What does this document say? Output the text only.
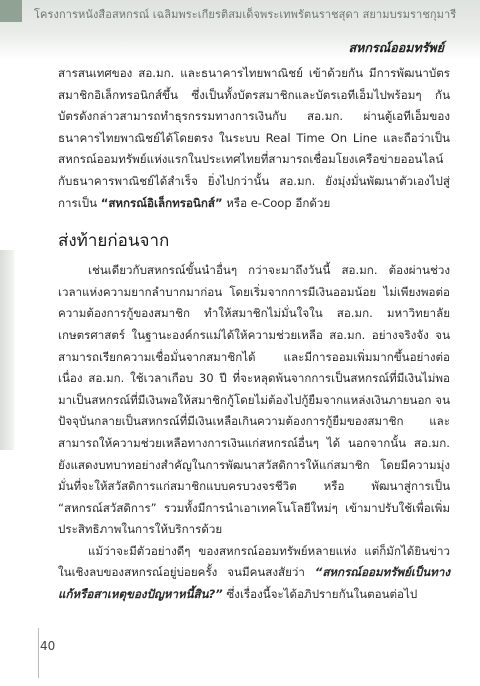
โครงการหนังสือสหกรณ์ เฉลิมพระเกียรติสมเด็จพระเทพรัตนราชสุดา สยามบรมราชกุมารี
สหกรณ์ออมทรัพย์

สารสนเทศของ สอ.มก. และธนาคารไทยพาณิชย์ เข้าด้วยกัน มีการพัฒนาบัตรสมาชิกอิเล็กทรอนิกส์ขึ้น ซึ่งเป็นทั้งบัตรสมาชิกและบัตรเอทีเอ็มไปพร้อมๆ กัน บัตรดังกล่าวสามารถทำธุรกรรมทางการเงินกับ สอ.มก. ผ่านตู้เอทีเอ็มของธนาคารไทยพาณิชย์ได้โดยตรง ในระบบ Real Time On Line และถือว่าเป็นสหกรณ์ออมทรัพย์แห่งแรกในประเทศไทยที่สามารถเชื่อมโยงเครือข่ายออนไลน์กับธนาคารพาณิชย์ได้สำเร็จ ยิ่งไปกว่านั้น สอ.มก. ยังมุ่งมั่นพัฒนาตัวเองไปสู่การเป็น “สหกรณ์อิเล็กทรอนิกส์” หรือ e-Coop อีกด้วย

ส่งท้ายก่อนจาก

เช่นเดียวกับสหกรณ์ขั้นนำอื่นๆ กว่าจะมาถึงวันนี้ สอ.มก. ต้องผ่านช่วงเวลาแห่งความยากลำบากมาก่อน โดยเริ่มจากการมีเงินออมน้อย ไม่เพียงพอต่อความต้องการกู้ของสมาชิก ทำให้สมาชิกไม่มั่นใจใน สอ.มก. มหาวิทยาลัยเกษตรศาสตร์ ในฐานะองค์กรแม่ได้ให้ความช่วยเหลือ สอ.มก. อย่างจริงจัง จนสามารถเรียกความเชื่อมั่นจากสมาชิกได้ และมีการออมเพิ่มมากขึ้นอย่างต่อเนื่อง สอ.มก. ใช้เวลาเกือบ 30 ปี ที่จะหลุดพ้นจากการเป็นสหกรณ์ที่มีเงินไม่พอ มาเป็นสหกรณ์ที่มีเงินพอให้สมาชิกกู้โดยไม่ต้องไปกู้ยืมจากแหล่งเงินภายนอก จนปัจจุบันกลายเป็นสหกรณ์ที่มีเงินเหลือเกินความต้องการกู้ยืมของสมาชิก และสามารถให้ความช่วยเหลือทางการเงินแก่สหกรณ์อื่นๆ ได้ นอกจากนั้น สอ.มก. ยังแสดงบทบาทอย่างสำคัญในการพัฒนาสวัสดิการให้แก่สมาชิก โดยมีความมุ่งมั่นที่จะให้สวัสดิการแก่สมาชิกแบบครบวงจรชีวิต หรือ พัฒนาสู่การเป็น “สหกรณ์สวัสดิการ” รวมทั้งมีการนำเอาเทคโนโลยีใหม่ๆ เข้ามาปรับใช้เพื่อเพิ่มประสิทธิภาพในการให้บริการด้วย

แม้ว่าจะมีตัวอย่างดีๆ ของสหกรณ์ออมทรัพย์หลายแห่ง แต่ก็มักได้ยินข่าวในเชิงลบของสหกรณ์อยู่บ่อยครั้ง จนมีคนสงสัยว่า “สหกรณ์ออมทรัพย์เป็นทางแก้หรือสาเหตุของปัญหาหนี้สิน?” ซึ่งเรื่องนี้จะได้อภิปรายกันในตอนต่อไป

40
